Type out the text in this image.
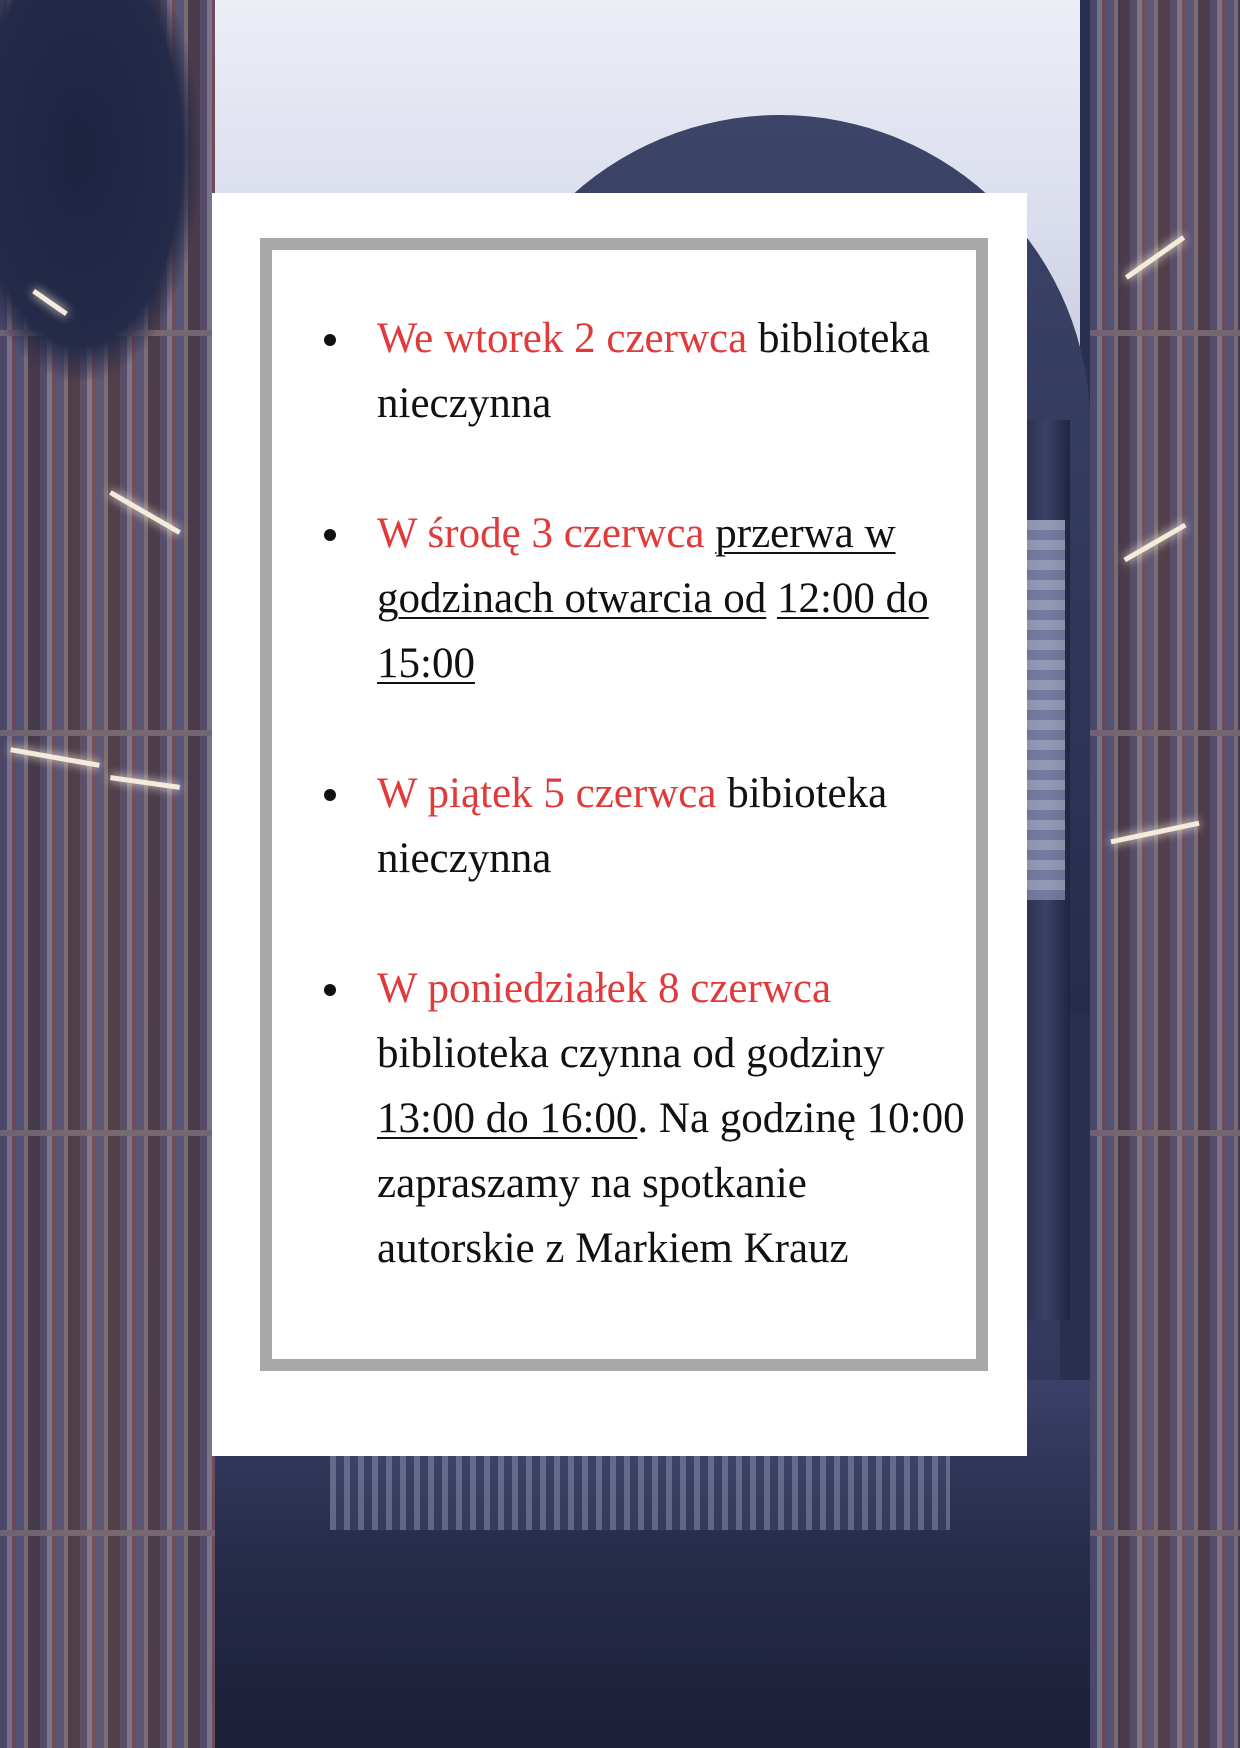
We wtorek 2 czerwca biblioteka nieczynna
W środę 3 czerwca przerwa w godzinach otwarcia od 12:00 do 15:00
W piątek 5 czerwca bibioteka nieczynna
W poniedziałek 8 czerwca biblioteka czynna od godziny 13:00 do 16:00. Na godzinę 10:00 zapraszamy na spotkanie autorskie z Markiem Krauz
